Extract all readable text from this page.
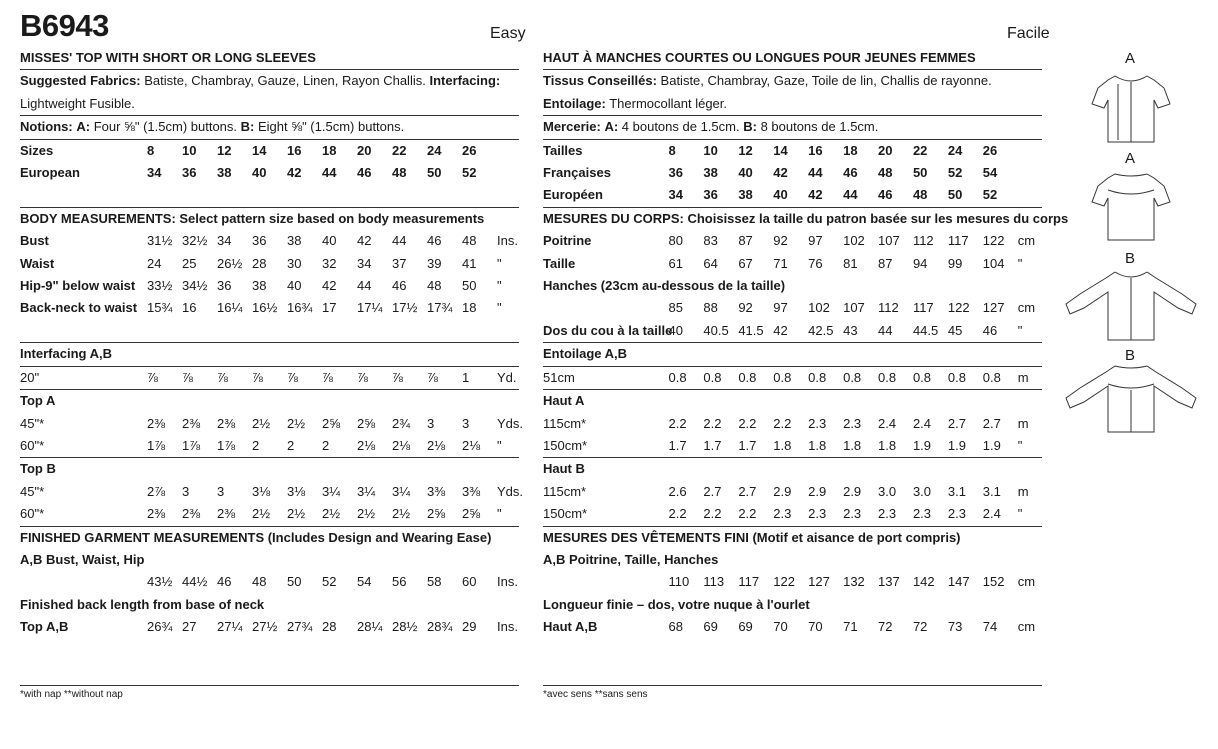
B6943	Easy	Facile
MISSES' TOP WITH SHORT OR LONG SLEEVES											
Suggested Fabrics: Batiste, Chambray, Gauze, Linen, Rayon Challis. Interfacing: Lightweight Fusible.											
Notions: A: Four ⅝" (1.5cm) buttons. B: Eight ⅝" (1.5cm) buttons.											
Sizes	8	10	12	14	16	18	20	22	24	26	
European	34	36	38	40	42	44	46	48	50	52	

BODY MEASUREMENTS: Select pattern size based on body measurements											
Bust	31½	32½	34	36	38	40	42	44	46	48	Ins.
Waist	24	25	26½	28	30	32	34	37	39	41	"
Hip-9" below waist	33½	34½	36	38	40	42	44	46	48	50	"
Back-neck to waist	15¾	16	16¼	16½	16¾	17	17¼	17½	17¾	18	"

Interfacing A,B											
20"	⅞	⅞	⅞	⅞	⅞	⅞	⅞	⅞	⅞	1	Yd.
Top A											
45"*	2⅜	2⅜	2⅜	2½	2½	2⅝	2⅝	2¾	3	3	Yds.
60"*	1⅞	1⅞	1⅞	2	2	2	2⅛	2⅛	2⅛	2⅛	"
Top B											
45"*	2⅞	3	3	3⅛	3⅛	3¼	3¼	3¼	3⅜	3⅜	Yds.
60"*	2⅜	2⅜	2⅜	2½	2½	2½	2½	2½	2⅝	2⅝	"
FINISHED GARMENT MEASUREMENTS (Includes Design and Wearing Ease)											
A,B Bust, Waist, Hip											
	43½	44½	46	48	50	52	54	56	58	60	Ins.
Finished back length from base of neck											
Top A,B	26¾	27	27¼	27½	27¾	28	28¼	28½	28¾	29	Ins.
HAUT À MANCHES COURTES OU LONGUES POUR JEUNES FEMMES											
Tissus Conseillés: Batiste, Chambray, Gaze, Toile de lin, Challis de rayonne. Entoilage: Thermocollant léger.											
Mercerie: A: 4 boutons de 1.5cm. B: 8 boutons de 1.5cm.											
Tailles	8	10	12	14	16	18	20	22	24	26	
Françaises	36	38	40	42	44	46	48	50	52	54	
Européen	34	36	38	40	42	44	46	48	50	52	
MESURES DU CORPS: Choisissez la taille du patron basée sur les mesures du corps											
Poitrine	80	83	87	92	97	102	107	112	117	122	cm
Taille	61	64	67	71	76	81	87	94	99	104	"
Hanches (23cm au-dessous de la taille)											
	85	88	92	97	102	107	112	117	122	127	cm
Dos du cou à la taille	40	40.5	41.5	42	42.5	43	44	44.5	45	46	"
Entoilage A,B											
51cm	0.8	0.8	0.8	0.8	0.8	0.8	0.8	0.8	0.8	0.8	m
Haut A											
115cm*	2.2	2.2	2.2	2.2	2.3	2.3	2.4	2.4	2.7	2.7	m
150cm*	1.7	1.7	1.7	1.8	1.8	1.8	1.8	1.9	1.9	1.9	"
Haut B											
115cm*	2.6	2.7	2.7	2.9	2.9	2.9	3.0	3.0	3.1	3.1	m
150cm*	2.2	2.2	2.2	2.3	2.3	2.3	2.3	2.3	2.3	2.4	"
MESURES DES VÊTEMENTS FINI (Motif et aisance de port compris)											
A,B Poitrine, Taille, Hanches											
	110	113	117	122	127	132	137	142	147	152	cm
Longueur finie – dos, votre nuque à l'ourlet											
Haut A,B	68	69	69	70	70	71	72	72	73	74	cm
*with nap **without nap	*avec sens **sans sens
A
A
B
B
